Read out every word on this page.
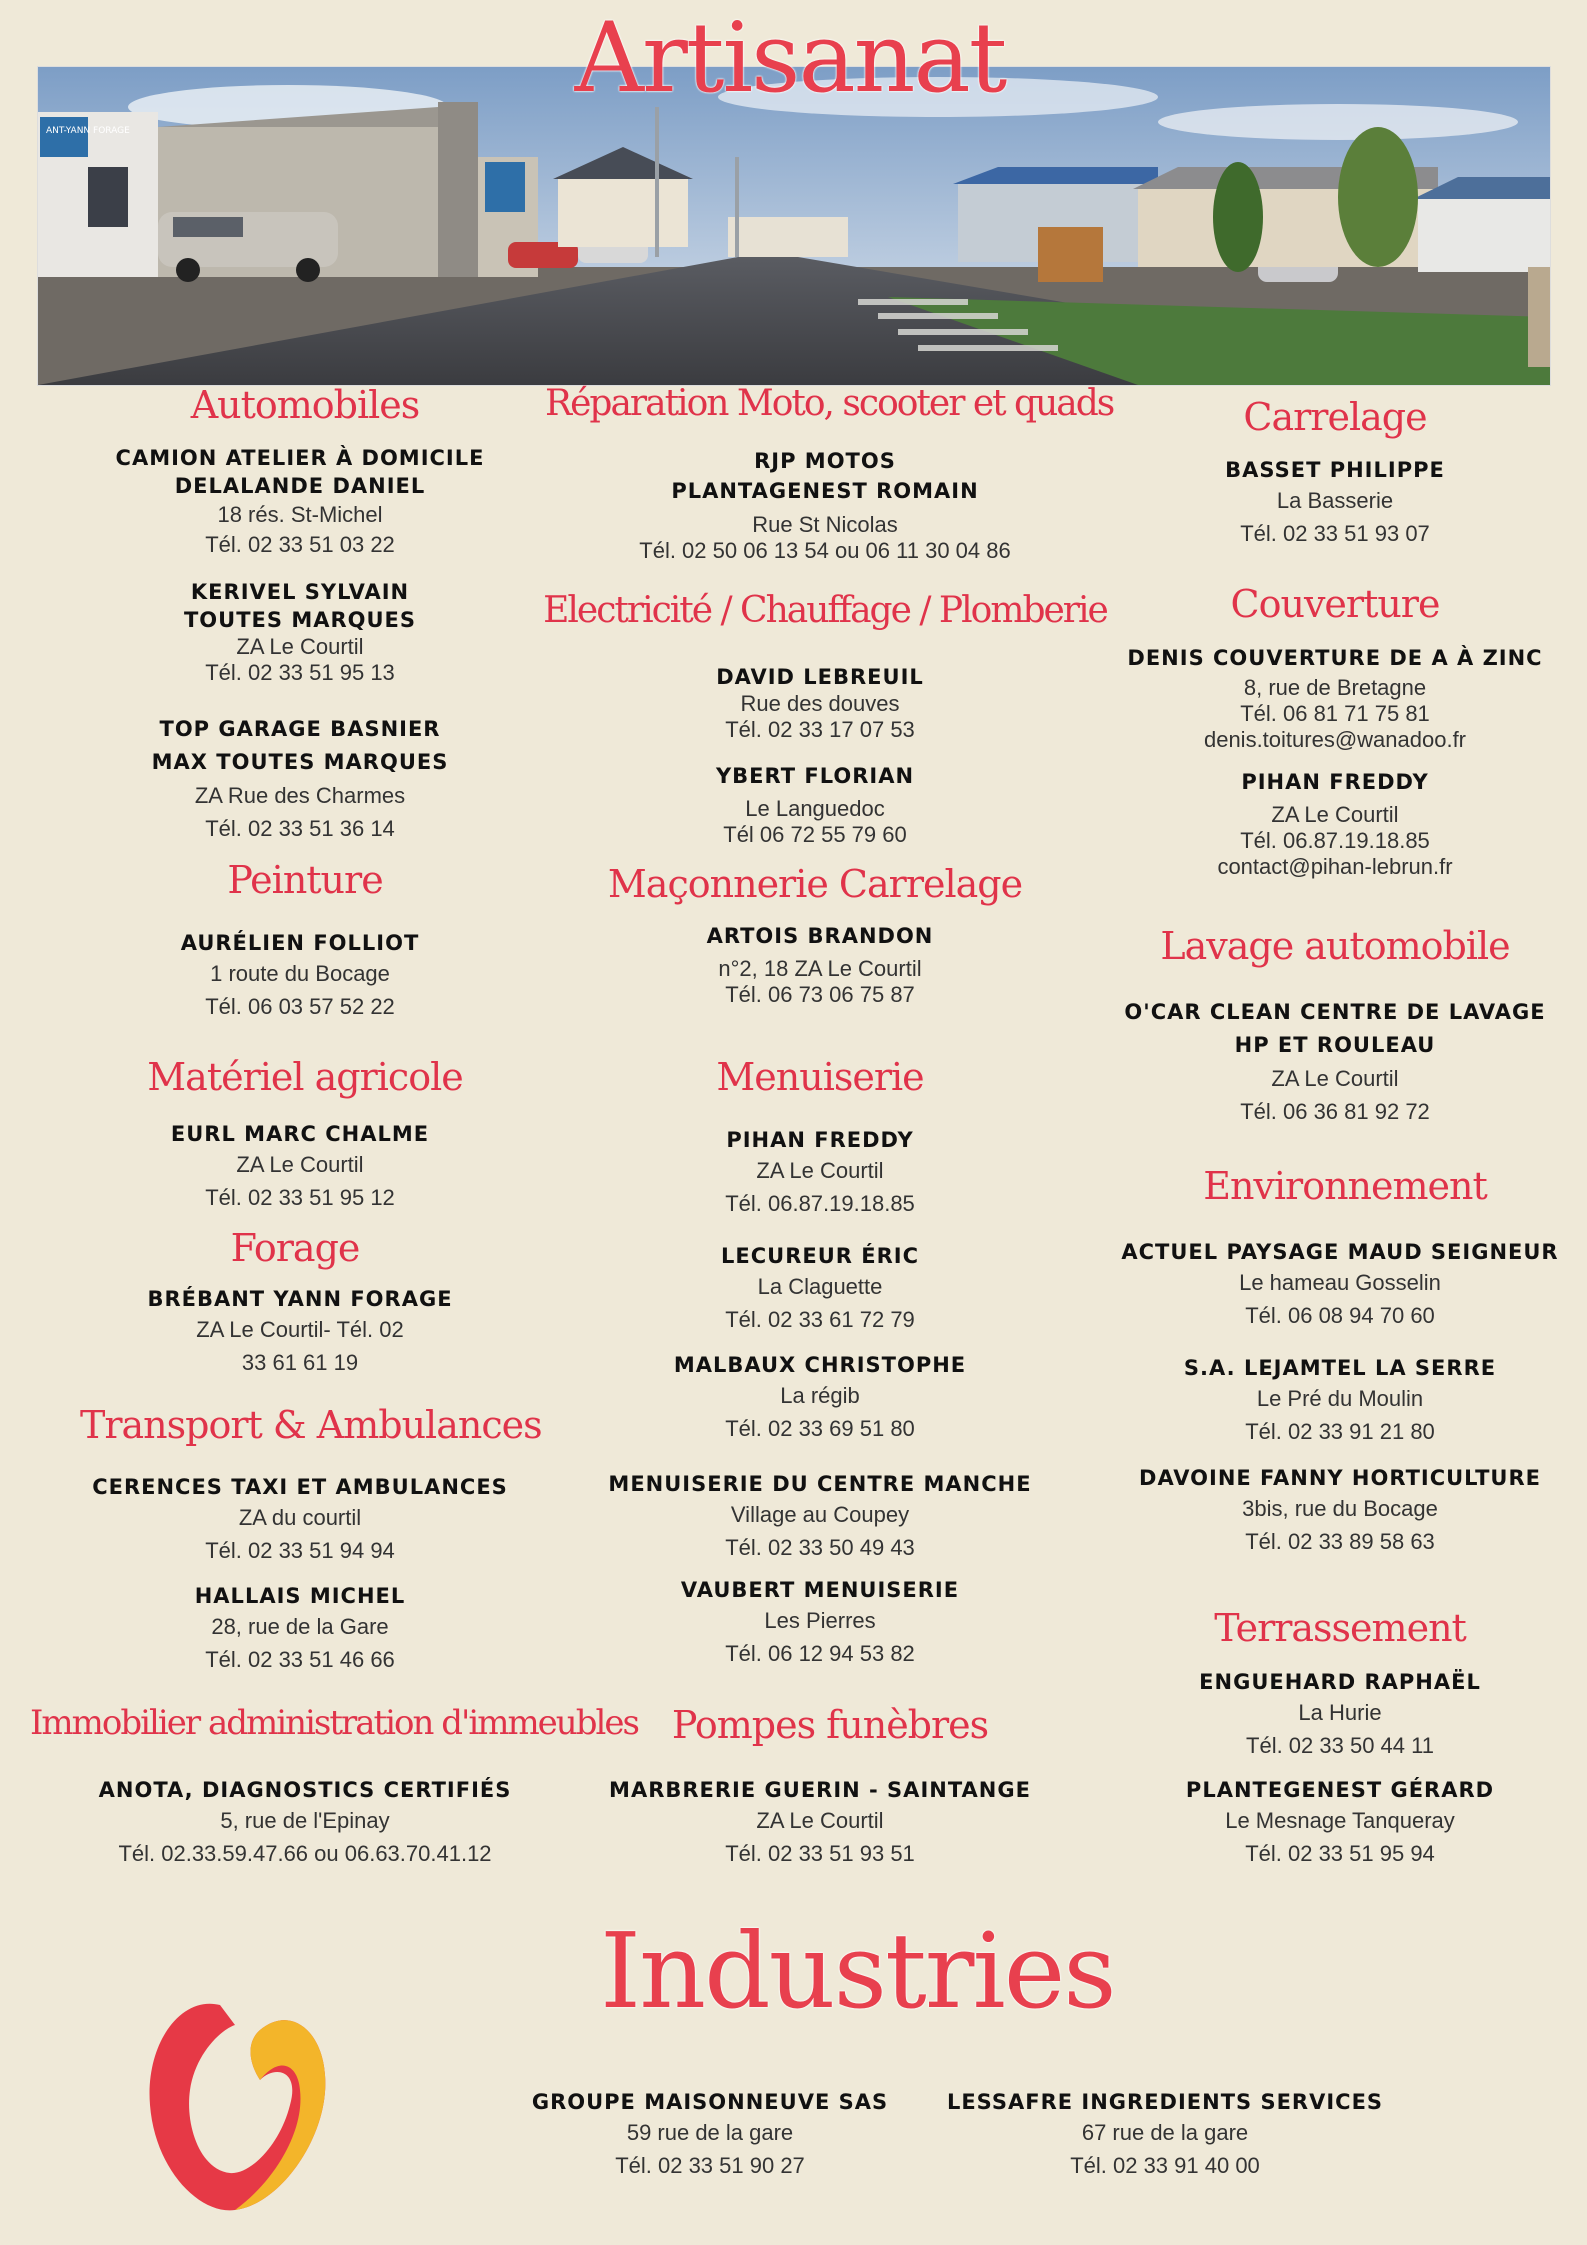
ANT-YANN FORAGE
Artisanat
Industries
Automobiles
CAMION ATELIER À DOMICILE
DELALANDE DANIEL
18 rés. St-Michel
Tél. 02 33 51 03 22
KERIVEL SYLVAIN
TOUTES MARQUES
ZA Le Courtil
Tél. 02 33 51 95 13
TOP GARAGE BASNIER
MAX TOUTES MARQUES
ZA Rue des Charmes
Tél. 02 33 51 36 14
Peinture
AURÉLIEN FOLLIOT
1 route du Bocage
Tél. 06 03 57 52 22
Matériel agricole
EURL MARC CHALME
ZA Le Courtil
Tél. 02 33 51 95 12
Forage
BRÉBANT YANN FORAGE
ZA Le Courtil- Tél. 02
33 61 61 19
Transport & Ambulances
CERENCES TAXI ET AMBULANCES
ZA du courtil
Tél. 02 33 51 94 94
HALLAIS MICHEL
28, rue de la Gare
Tél. 02 33 51 46 66
Immobilier administration d'immeubles
ANOTA, DIAGNOSTICS CERTIFIÉS
5, rue de l'Epinay
Tél. 02.33.59.47.66 ou 06.63.70.41.12
Réparation Moto, scooter et quads
RJP MOTOS
PLANTAGENEST ROMAIN
Rue St Nicolas
Tél. 02 50 06 13 54 ou 06 11 30 04 86
Electricité / Chauffage / Plomberie
DAVID LEBREUIL
Rue des douves
Tél. 02 33 17 07 53
YBERT FLORIAN
Le Languedoc
Tél 06 72 55 79 60
Maçonnerie Carrelage
ARTOIS BRANDON
n°2, 18 ZA Le Courtil
Tél. 06 73 06 75 87
Menuiserie
PIHAN FREDDY
ZA Le Courtil
Tél. 06.87.19.18.85
LECUREUR ÉRIC
La Claguette
Tél. 02 33 61 72 79
MALBAUX CHRISTOPHE
La régib
Tél. 02 33 69 51 80
MENUISERIE DU CENTRE MANCHE
Village au Coupey
Tél. 02 33 50 49 43
VAUBERT MENUISERIE
Les Pierres
Tél. 06 12 94 53 82
Pompes funèbres
MARBRERIE GUERIN - SAINTANGE
ZA Le Courtil
Tél. 02 33 51 93 51
Carrelage
BASSET PHILIPPE
La Basserie
Tél. 02 33 51 93 07
Couverture
DENIS COUVERTURE DE A À ZINC
8, rue de Bretagne
Tél. 06 81 71 75 81
denis.toitures@wanadoo.fr
PIHAN FREDDY
ZA Le Courtil
Tél. 06.87.19.18.85
contact@pihan-lebrun.fr
Lavage automobile
O'CAR CLEAN CENTRE DE LAVAGE
HP ET ROULEAU
ZA Le Courtil
Tél. 06 36 81 92 72
Environnement
ACTUEL PAYSAGE MAUD SEIGNEUR
Le hameau Gosselin
Tél. 06 08 94 70 60
S.A. LEJAMTEL LA SERRE
Le Pré du Moulin
Tél. 02 33 91 21 80
DAVOINE FANNY HORTICULTURE
3bis, rue du Bocage
Tél. 02 33 89 58 63
Terrassement
ENGUEHARD RAPHAËL
La Hurie
Tél. 02 33 50 44 11
PLANTEGENEST GÉRARD
Le Mesnage Tanqueray
Tél. 02 33 51 95 94
GROUPE MAISONNEUVE SAS
59 rue de la gare
Tél. 02 33 51 90 27
LESSAFRE INGREDIENTS SERVICES
67 rue de la gare
Tél. 02 33 91 40 00
